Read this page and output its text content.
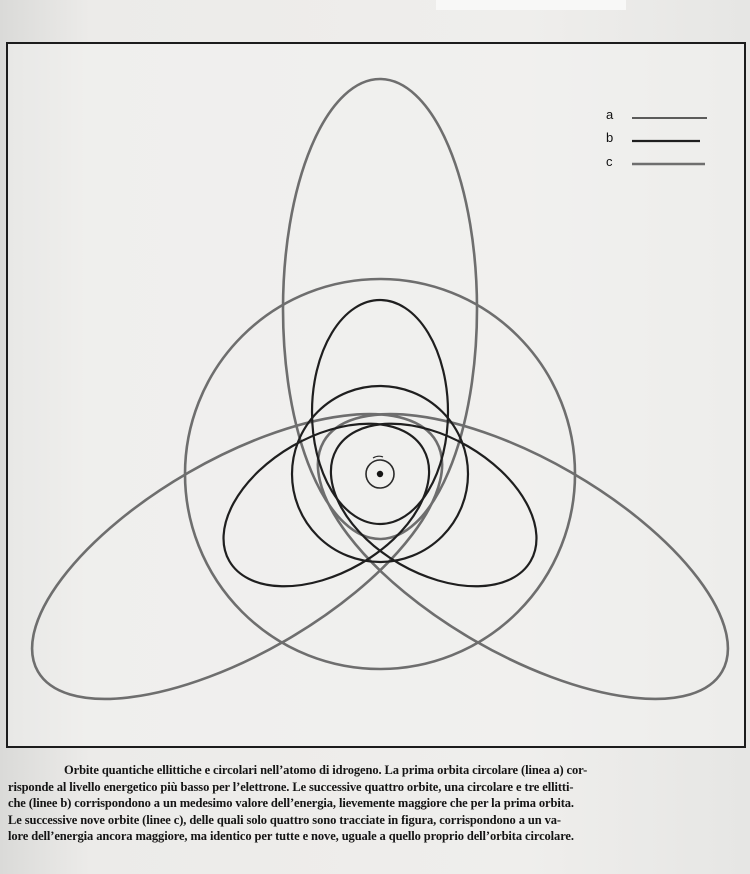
a
b
c
Orbite quantiche ellittiche e circolari nell’atomo di idrogeno. La prima orbita circolare (linea a) cor-
risponde al livello energetico più basso per l’elettrone. Le successive quattro orbite, una circolare e tre ellitti-
che (linee b) corrispondono a un medesimo valore dell’energia, lievemente maggiore che per la prima orbita.
Le successive nove orbite (linee c), delle quali solo quattro sono tracciate in figura, corrispondono a un va-
lore dell’energia ancora maggiore, ma identico per tutte e nove, uguale a quello proprio dell’orbita circolare.
